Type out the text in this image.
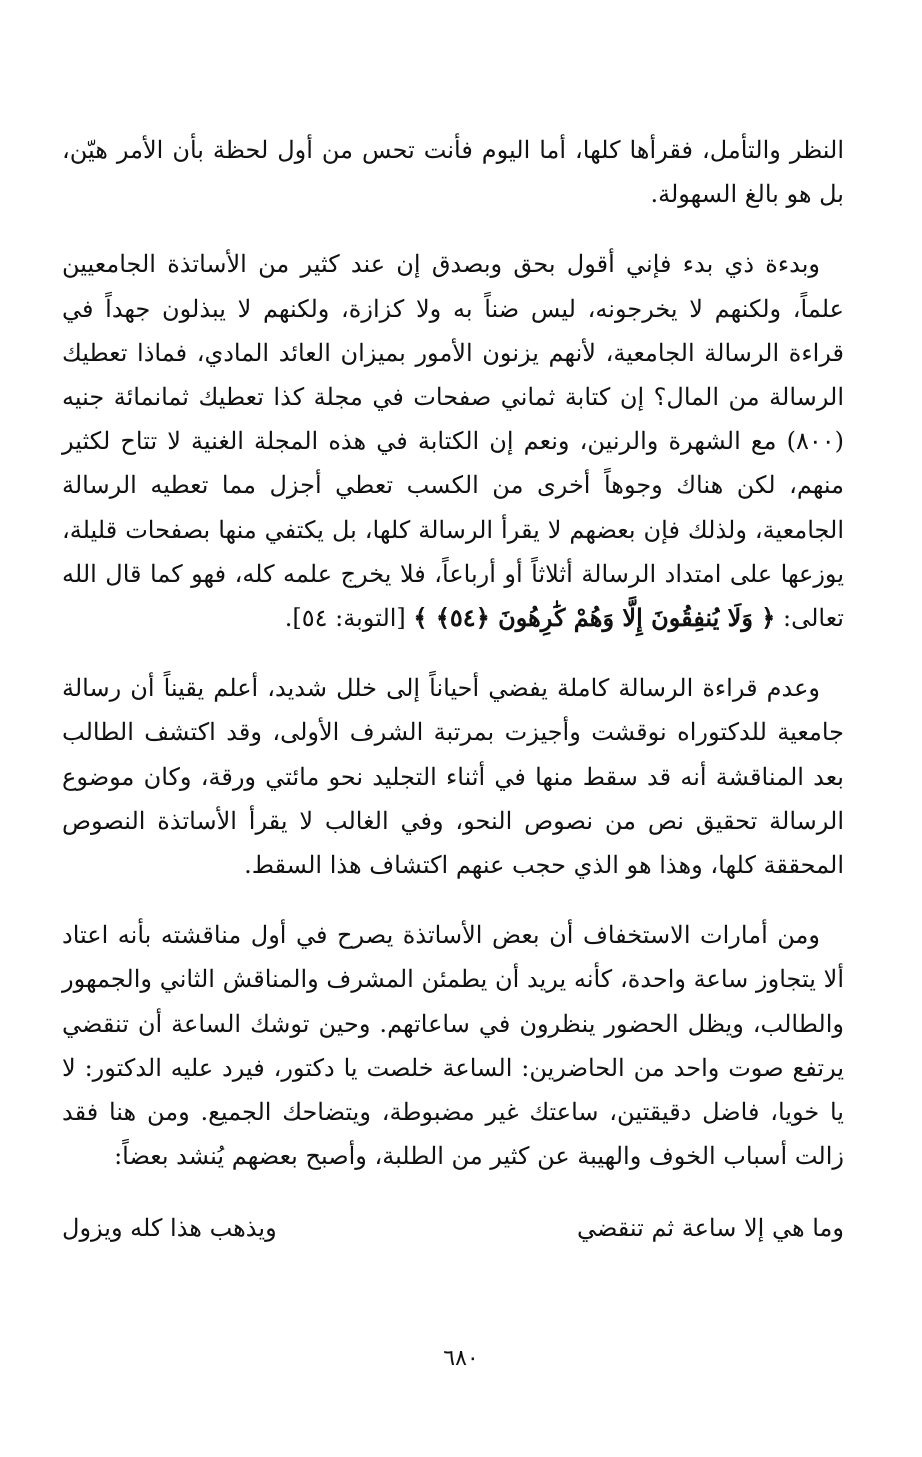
النظر والتأمل، فقرأها كلها، أما اليوم فأنت تحس من أول لحظة بأن الأمر هيّن، بل هو بالغ السهولة.

وبدءة ذي بدء فإني أقول بحق وبصدق إن عند كثير من الأساتذة الجامعيين علماً، ولكنهم لا يخرجونه، ليس ضناً به ولا كزازة، ولكنهم لا يبذلون جهداً في قراءة الرسالة الجامعية، لأنهم يزنون الأمور بميزان العائد المادي، فماذا تعطيك الرسالة من المال؟ إن كتابة ثماني صفحات في مجلة كذا تعطيك ثمانمائة جنيه (٨٠٠) مع الشهرة والرنين، ونعم إن الكتابة في هذه المجلة الغنية لا تتاح لكثير منهم، لكن هناك وجوهاً أخرى من الكسب تعطي أجزل مما تعطيه الرسالة الجامعية، ولذلك فإن بعضهم لا يقرأ الرسالة كلها، بل يكتفي منها بصفحات قليلة، يوزعها على امتداد الرسالة أثلاثاً أو أرباعاً، فلا يخرج علمه كله، فهو كما قال الله تعالى: ﴿ وَلَا يُنفِقُونَ إِلَّا وَهُمْ كَٰرِهُونَ ﴿٥٤﴾ ﴾ [التوبة: ٥٤].

وعدم قراءة الرسالة كاملة يفضي أحياناً إلى خلل شديد، أعلم يقيناً أن رسالة جامعية للدكتوراه نوقشت وأجيزت بمرتبة الشرف الأولى، وقد اكتشف الطالب بعد المناقشة أنه قد سقط منها في أثناء التجليد نحو مائتي ورقة، وكان موضوع الرسالة تحقيق نص من نصوص النحو، وفي الغالب لا يقرأ الأساتذة النصوص المحققة كلها، وهذا هو الذي حجب عنهم اكتشاف هذا السقط.

ومن أمارات الاستخفاف أن بعض الأساتذة يصرح في أول مناقشته بأنه اعتاد ألا يتجاوز ساعة واحدة، كأنه يريد أن يطمئن المشرف والمناقش الثاني والجمهور والطالب، ويظل الحضور ينظرون في ساعاتهم. وحين توشك الساعة أن تنقضي يرتفع صوت واحد من الحاضرين: الساعة خلصت يا دكتور، فيرد عليه الدكتور: لا يا خويا، فاضل دقيقتين، ساعتك غير مضبوطة، ويتضاحك الجميع. ومن هنا فقد زالت أسباب الخوف والهيبة عن كثير من الطلبة، وأصبح بعضهم يُنشد بعضاً:

وما هي إلا ساعة ثم تنقضي
ويذهب هذا كله ويزول
٦٨٠
